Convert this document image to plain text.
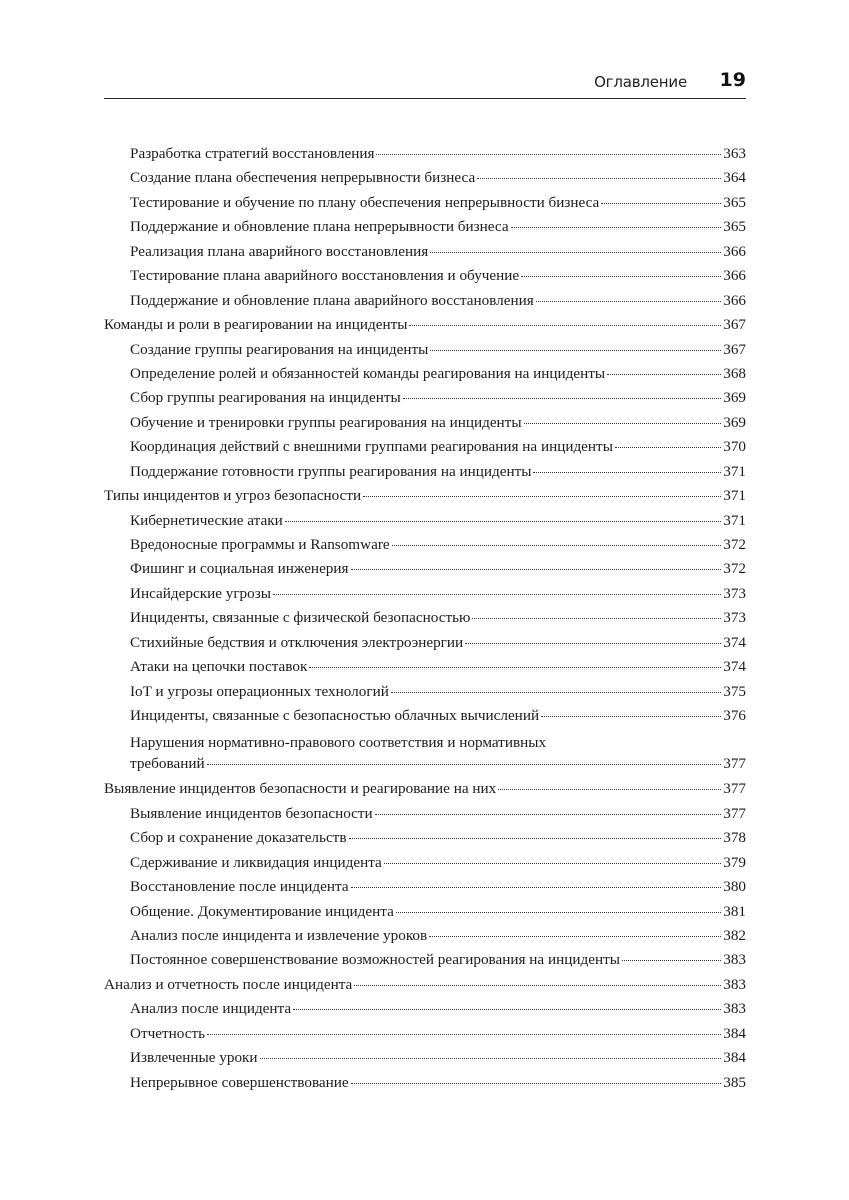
Оглавление 19
Разработка стратегий восстановления	363
Создание плана обеспечения непрерывности бизнеса	364
Тестирование и обучение по плану обеспечения непрерывности бизнеса	365
Поддержание и обновление плана непрерывности бизнеса	365
Реализация плана аварийного восстановления	366
Тестирование плана аварийного восстановления и обучение	366
Поддержание и обновление плана аварийного восстановления	366
Команды и роли в реагировании на инциденты	367
Создание группы реагирования на инциденты	367
Определение ролей и обязанностей команды реагирования на инциденты	368
Сбор группы реагирования на инциденты	369
Обучение и тренировки группы реагирования на инциденты	369
Координация действий с внешними группами реагирования на инциденты	370
Поддержание готовности группы реагирования на инциденты	371
Типы инцидентов и угроз безопасности	371
Кибернетические атаки	371
Вредоносные программы и Ransomware	372
Фишинг и социальная инженерия	372
Инсайдерские угрозы	373
Инциденты, связанные с физической безопасностью	373
Стихийные бедствия и отключения электроэнергии	374
Атаки на цепочки поставок	374
IoT и угрозы операционных технологий	375
Инциденты, связанные с безопасностью облачных вычислений	376
Нарушения нормативно-правового соответствия и нормативных
требований	377
Выявление инцидентов безопасности и реагирование на них	377
Выявление инцидентов безопасности	377
Сбор и сохранение доказательств	378
Сдерживание и ликвидация инцидента	379
Восстановление после инцидента	380
Общение. Документирование инцидента	381
Анализ после инцидента и извлечение уроков	382
Постоянное совершенствование возможностей реагирования на инциденты	383
Анализ и отчетность после инцидента	383
Анализ после инцидента	383
Отчетность	384
Извлеченные уроки	384
Непрерывное совершенствование	385
